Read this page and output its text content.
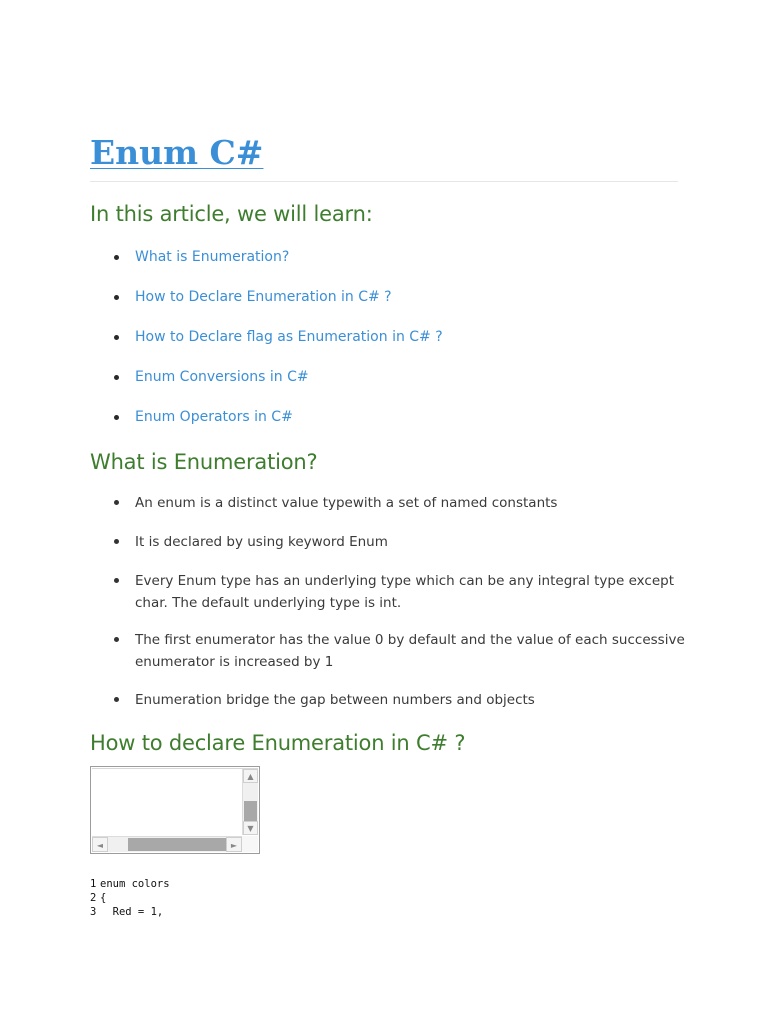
Enum C#
In this article, we will learn:
What is Enumeration?
How to Declare Enumeration in C# ?
How to Declare flag as Enumeration in C# ?
Enum Conversions in C#
Enum Operators in C#
What is Enumeration?
An enum is a distinct value typewith a set of named constants
It is declared by using keyword Enum
Every Enum type has an underlying type which can be any integral type except char. The default underlying type is int.
The first enumerator has the value 0 by default and the value of each successive enumerator is increased by 1
Enumeration bridge the gap between numbers and objects
How to declare Enumeration in C# ?
▲
▼
◄	►
1 enum colors
2 {
3  Red = 1,
